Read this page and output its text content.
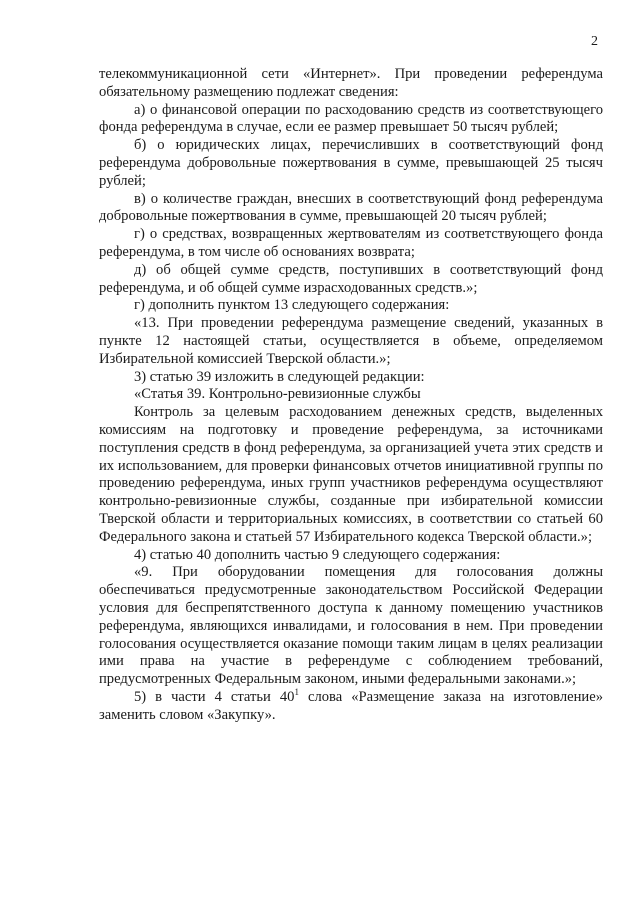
2

телекоммуникационной сети «Интернет». При проведении референдума обязательному размещению подлежат сведения:

а) о финансовой операции по расходованию средств из соответствующего фонда референдума в случае, если ее размер превышает 50 тысяч рублей;

б) о юридических лицах, перечисливших в соответствующий фонд референдума добровольные пожертвования в сумме, превышающей 25 тысяч рублей;

в) о количестве граждан, внесших в соответствующий фонд референдума добровольные пожертвования в сумме, превышающей 20 тысяч рублей;

г) о средствах, возвращенных жертвователям из соответствующего фонда референдума, в том числе об основаниях возврата;

д) об общей сумме средств, поступивших в соответствующий фонд референдума, и об общей сумме израсходованных средств.»;

г) дополнить пунктом 13 следующего содержания:

«13. При проведении референдума размещение сведений, указанных в пункте 12 настоящей статьи, осуществляется в объеме, определяемом Избирательной комиссией Тверской области.»;

3) статью 39 изложить в следующей редакции:

«Статья 39. Контрольно-ревизионные службы

Контроль за целевым расходованием денежных средств, выделенных комиссиям на подготовку и проведение референдума, за источниками поступления средств в фонд референдума, за организацией учета этих средств и их использованием, для проверки финансовых отчетов инициативной группы по проведению референдума, иных групп участников референдума осуществляют контрольно-ревизионные службы, созданные при избирательной комиссии Тверской области и территориальных комиссиях, в соответствии со статьей 60 Федерального закона и статьей 57 Избирательного кодекса Тверской области.»;

4) статью 40 дополнить частью 9 следующего содержания:

«9. При оборудовании помещения для голосования должны обеспечиваться предусмотренные законодательством Российской Федерации условия для беспрепятственного доступа к данному помещению участников референдума, являющихся инвалидами, и голосования в нем. При проведении голосования осуществляется оказание помощи таким лицам в целях реализации ими права на участие в референдуме с соблюдением требований, предусмотренных Федеральным законом, иными федеральными законами.»;

5) в части 4 статьи $40^1$ слова «Размещение заказа на изготовление» заменить словом «Закупку».
